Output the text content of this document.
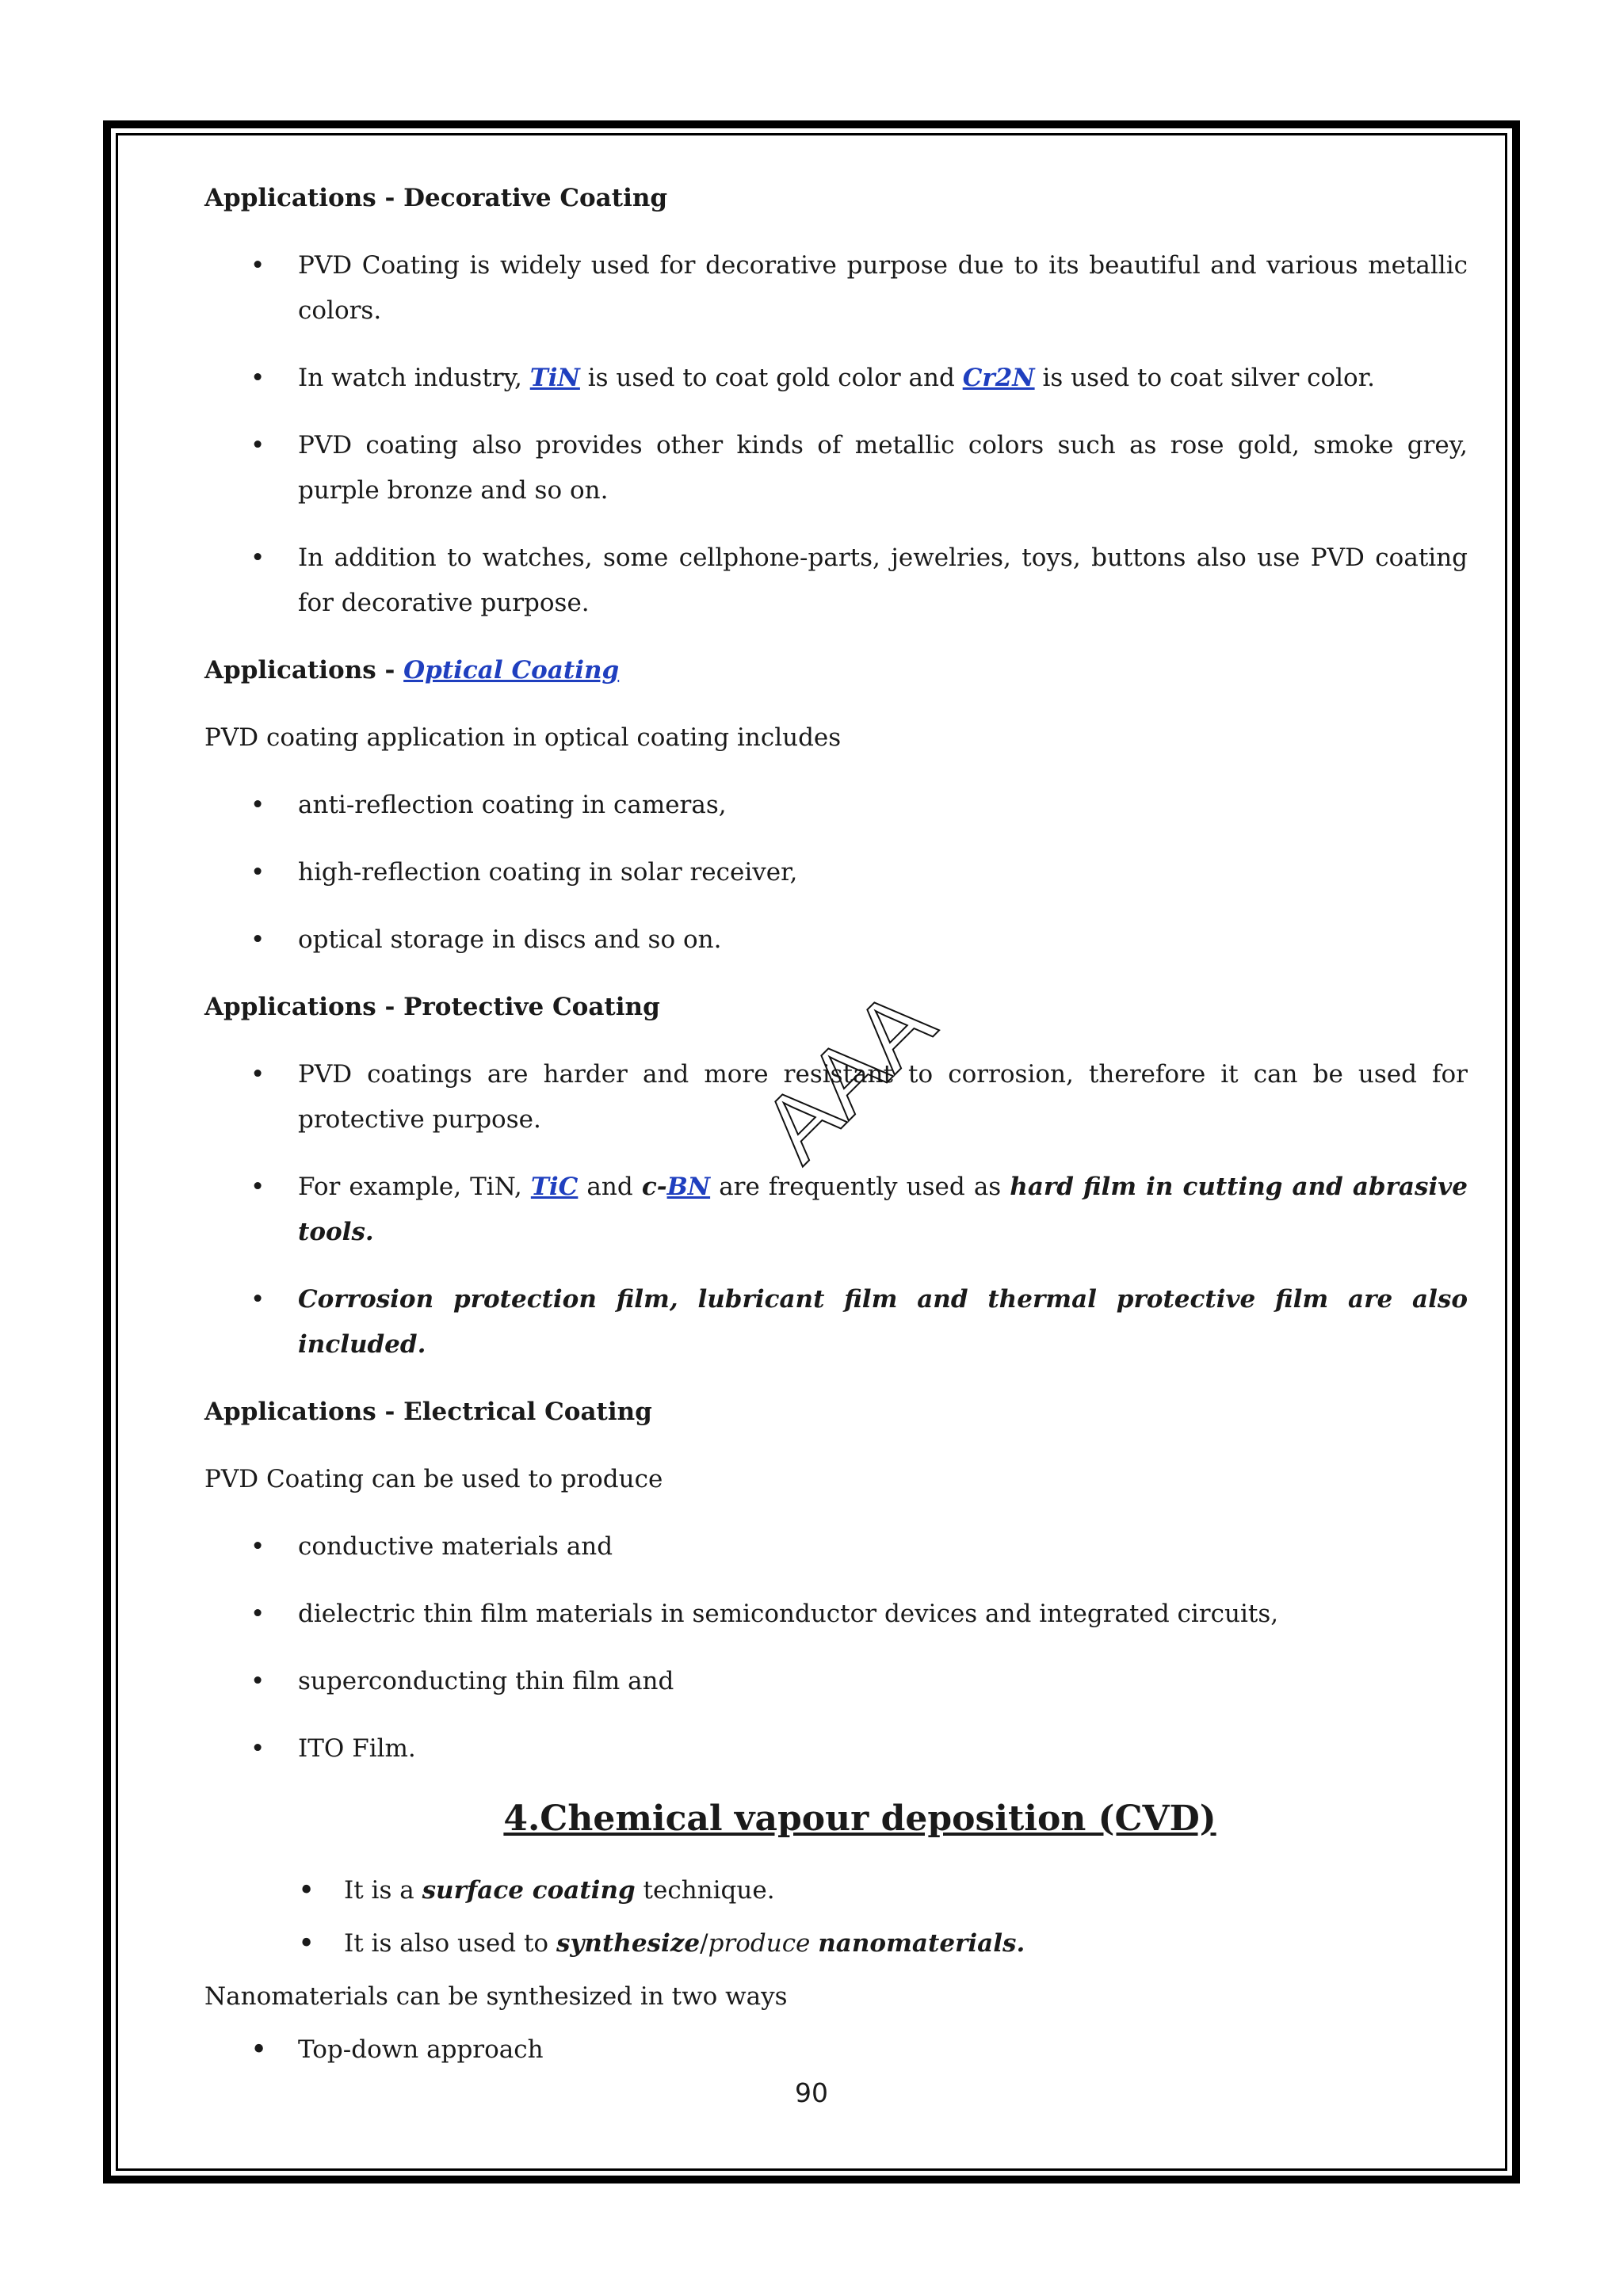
Applications - Decorative Coating
• PVD Coating is widely used for decorative purpose due to its beautiful and various metallic colors.
• In watch industry, TiN is used to coat gold color and Cr2N is used to coat silver color.
• PVD coating also provides other kinds of metallic colors such as rose gold, smoke grey, purple bronze and so on.
• In addition to watches, some cellphone-parts, jewelries, toys, buttons also use PVD coating for decorative purpose.
Applications - Optical Coating
PVD coating application in optical coating includes
• anti-reflection coating in cameras,
• high-reflection coating in solar receiver,
• optical storage in discs and so on.
Applications - Protective Coating
• PVD coatings are harder and more resistant to corrosion, therefore it can be used for protective purpose.
• For example, TiN, TiC and c-BN are frequently used as hard film in cutting and abrasive tools.
• Corrosion protection film, lubricant film and thermal protective film are also included.
Applications - Electrical Coating
PVD Coating can be used to produce
• conductive materials and
• dielectric thin film materials in semiconductor devices and integrated circuits,
• superconducting thin film and
• ITO Film.
4.Chemical vapour deposition (CVD)
• It is a surface coating technique.
• It is also used to synthesize/produce nanomaterials.
Nanomaterials can be synthesized in two ways
• Top-down approach
AAA
90
